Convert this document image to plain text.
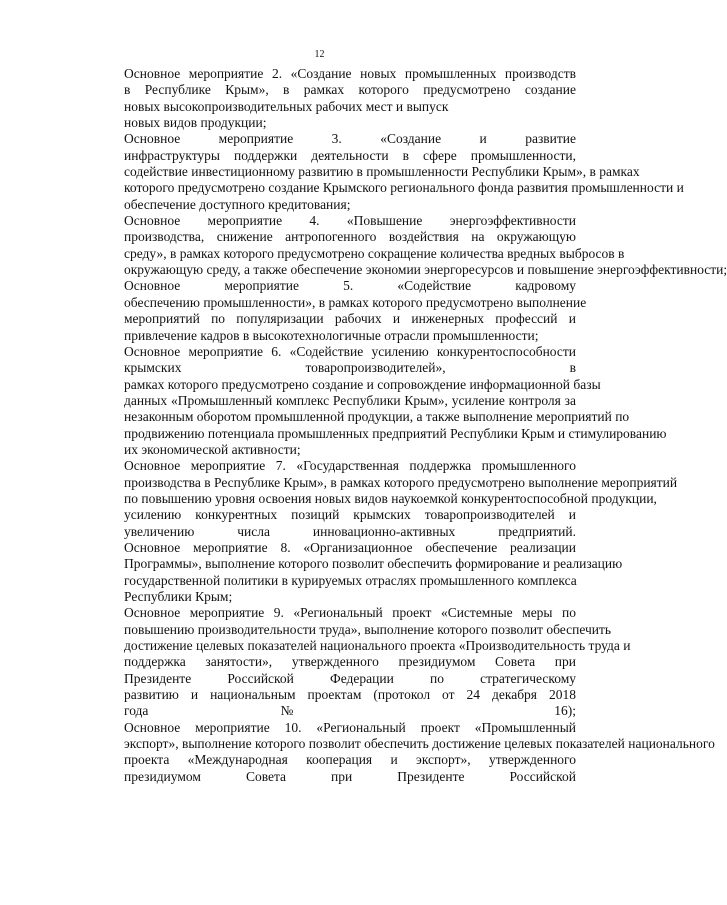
12

Основное мероприятие 2. «Создание новых промышленных производств
в Республике Крым», в рамках которого предусмотрено создание
новых высокопроизводительных рабочих мест и выпуск
новых видов продукции;

Основное мероприятие 3. «Создание и развитие
инфраструктуры поддержки деятельности в сфере промышленности,
содействие инвестиционному развитию в промышленности Республики Крым», в рамках
которого предусмотрено создание Крымского регионального фонда развития промышленности и
обеспечение доступного кредитования;

Основное мероприятие 4. «Повышение энергоэффективности
производства, снижение антропогенного воздействия на окружающую
среду», в рамках которого предусмотрено сокращение количества вредных выбросов в
окружающую среду, а также обеспечение экономии энергоресурсов и повышение энергоэффективности;

Основное мероприятие 5. «Содействие кадровому
обеспечению промышленности», в рамках которого предусмотрено выполнение
мероприятий по популяризации рабочих и инженерных профессий и
привлечение кадров в высокотехнологичные отрасли промышленности;

Основное мероприятие 6. «Содействие усилению конкурентоспособности
крымских товаропроизводителей», в
рамках которого предусмотрено создание и сопровождение информационной базы
данных «Промышленный комплекс Республики Крым», усиление контроля за
незаконным оборотом промышленной продукции, а также выполнение мероприятий по
продвижению потенциала промышленных предприятий Республики Крым и стимулированию
их экономической активности;

Основное мероприятие 7. «Государственная поддержка промышленного
производства в Республике Крым», в рамках которого предусмотрено выполнение мероприятий
по повышению уровня освоения новых видов наукоемкой конкурентоспособной продукции,
усилению конкурентных позиций крымских товаропроизводителей и
увеличению числа инновационно-активных предприятий.

Основное мероприятие 8. «Организационное обеспечение реализации
Программы», выполнение которого позволит обеспечить формирование и реализацию
государственной политики в курируемых отраслях промышленного комплекса
Республики Крым;

Основное мероприятие 9. «Региональный проект «Системные меры по
повышению производительности труда», выполнение которого позволит обеспечить
достижение целевых показателей национального проекта «Производительность труда и
поддержка занятости», утвержденного президиумом Совета при
Президенте Российской Федерации по стратегическому
развитию и национальным проектам (протокол от 24 декабря 2018
года № 16);

Основное мероприятие 10. «Региональный проект «Промышленный
экспорт», выполнение которого позволит обеспечить достижение целевых показателей национального
проекта «Международная кооперация и экспорт», утвержденного
президиумом Совета при Президенте Российской
